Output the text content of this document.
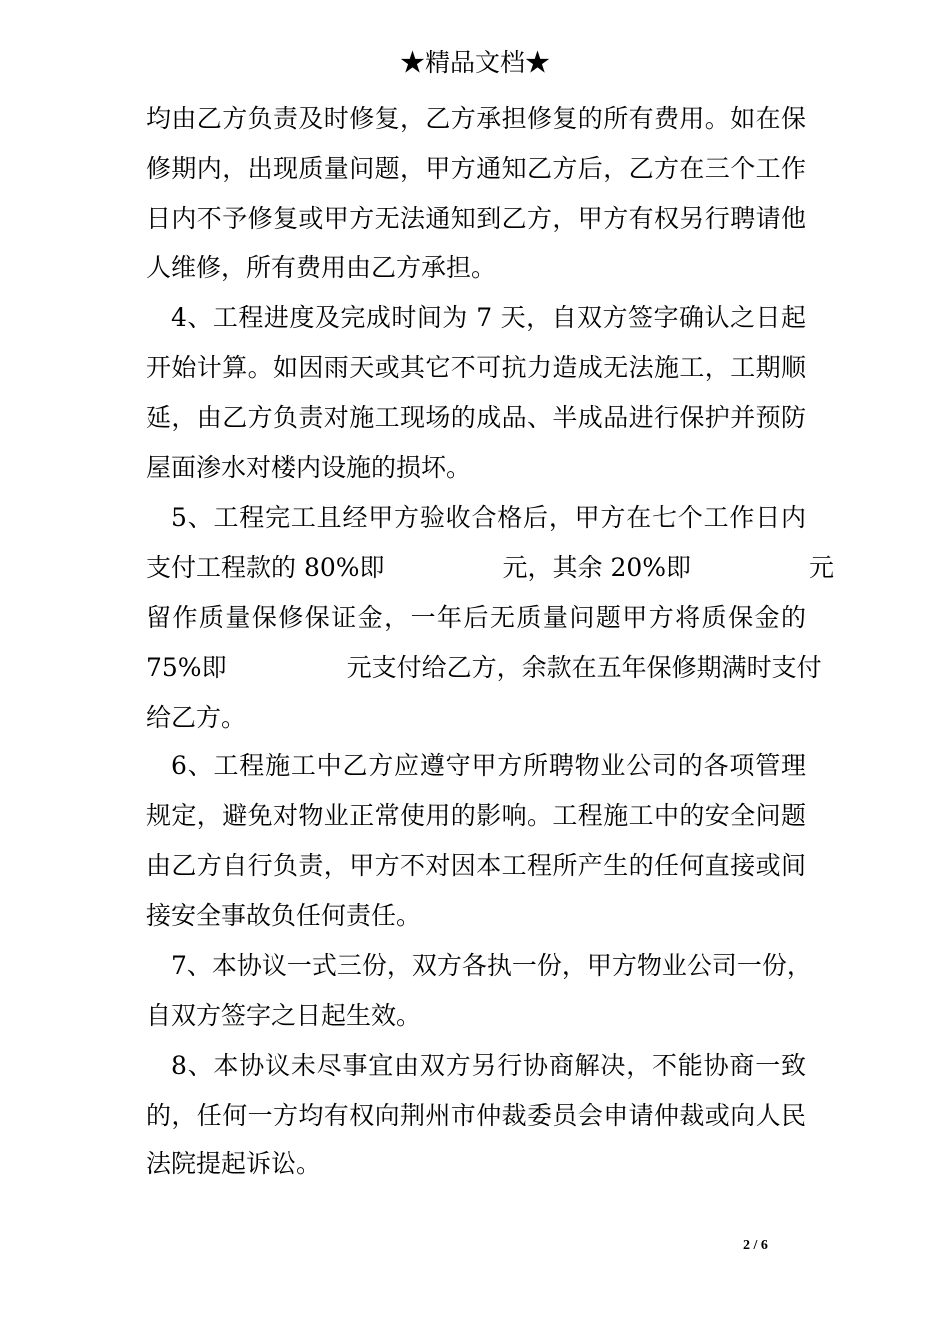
★精品文档★
均由乙方负责及时修复，乙方承担修复的所有费用。如在保
修期内，出现质量问题，甲方通知乙方后，乙方在三个工作
日内不予修复或甲方无法通知到乙方，甲方有权另行聘请他
人维修，所有费用由乙方承担。
4、工程进度及完成时间为 7 天，自双方签字确认之日起
开始计算。如因雨天或其它不可抗力造成无法施工，工期顺
延，由乙方负责对施工现场的成品、半成品进行保护并预防
屋面渗水对楼内设施的损坏。
5、工程完工且经甲方验收合格后，甲方在七个工作日内
支付工程款的 80%即	元，其余 20%即	元
留作质量保修保证金，一年后无质量问题甲方将质保金的
75%即	元支付给乙方，余款在五年保修期满时支付
给乙方。
6、工程施工中乙方应遵守甲方所聘物业公司的各项管理
规定，避免对物业正常使用的影响。工程施工中的安全问题
由乙方自行负责，甲方不对因本工程所产生的任何直接或间
接安全事故负任何责任。
7、本协议一式三份，双方各执一份，甲方物业公司一份，
自双方签字之日起生效。
8、本协议未尽事宜由双方另行协商解决，不能协商一致
的，任何一方均有权向荆州市仲裁委员会申请仲裁或向人民
法院提起诉讼。
2 / 6
